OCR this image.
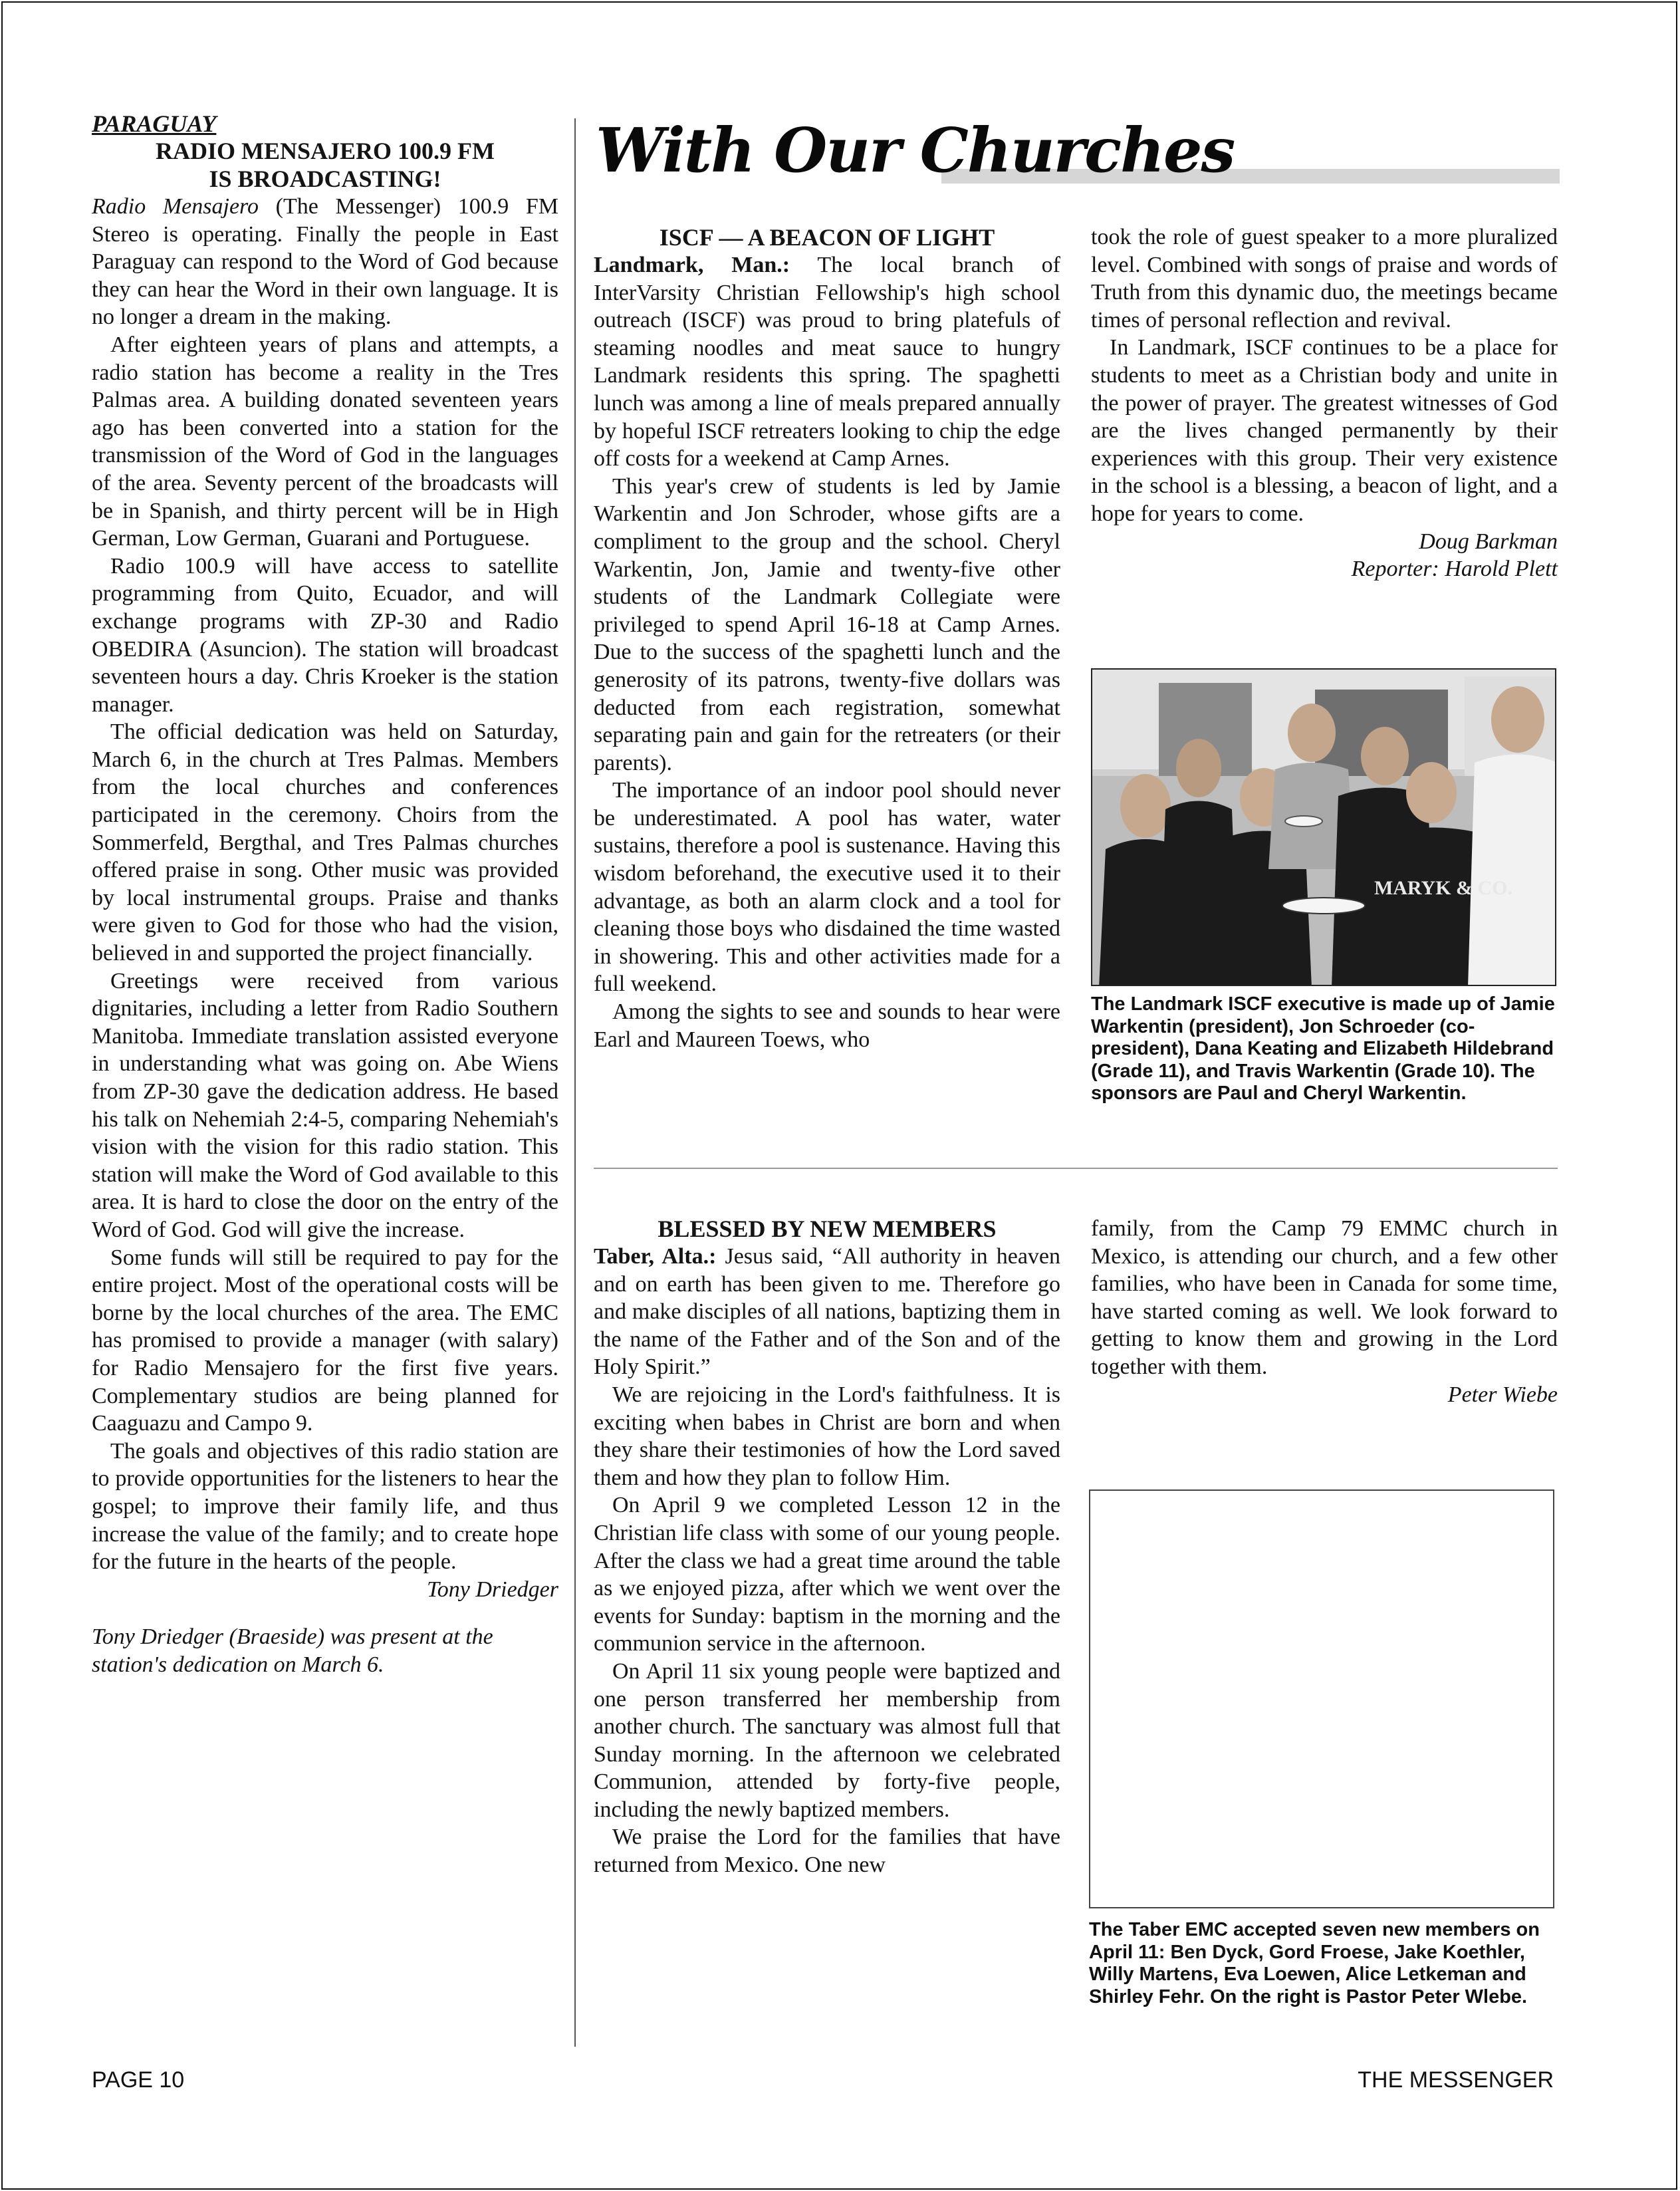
PARAGUAY
RADIO MENSAJERO 100.9 FM
IS BROADCASTING!

Radio Mensajero (The Messenger) 100.9 FM Stereo is operating. Finally the people in East Paraguay can respond to the Word of God because they can hear the Word in their own language. It is no longer a dream in the making.

After eighteen years of plans and attempts, a radio station has become a reality in the Tres Palmas area. A building donated seventeen years ago has been converted into a station for the transmission of the Word of God in the languages of the area. Seventy percent of the broadcasts will be in Spanish, and thirty percent will be in High German, Low German, Guarani and Portuguese.

Radio 100.9 will have access to satellite programming from Quito, Ecuador, and will exchange programs with ZP-30 and Radio OBEDIRA (Asuncion). The station will broadcast seventeen hours a day. Chris Kroeker is the station manager.

The official dedication was held on Saturday, March 6, in the church at Tres Palmas. Members from the local churches and conferences participated in the ceremony. Choirs from the Sommerfeld, Bergthal, and Tres Palmas churches offered praise in song. Other music was provided by local instrumental groups. Praise and thanks were given to God for those who had the vision, believed in and supported the project financially.

Greetings were received from various dignitaries, including a letter from Radio Southern Manitoba. Immediate translation assisted everyone in understanding what was going on. Abe Wiens from ZP-30 gave the dedication address. He based his talk on Nehemiah 2:4-5, comparing Nehemiah's vision with the vision for this radio station. This station will make the Word of God available to this area. It is hard to close the door on the entry of the Word of God. God will give the increase.

Some funds will still be required to pay for the entire project. Most of the operational costs will be borne by the local churches of the area. The EMC has promised to provide a manager (with salary) for Radio Mensajero for the first five years. Complementary studios are being planned for Caaguazu and Campo 9.

The goals and objectives of this radio station are to provide opportunities for the listeners to hear the gospel; to improve their family life, and thus increase the value of the family; and to create hope for the future in the hearts of the people.

Tony Driedger

Tony Driedger (Braeside) was present at the station's dedication on March 6.

With Our Churches
ISCF — A BEACON OF LIGHT

Landmark, Man.: The local branch of InterVarsity Christian Fellowship's high school outreach (ISCF) was proud to bring platefuls of steaming noodles and meat sauce to hungry Landmark residents this spring. The spaghetti lunch was among a line of meals prepared annually by hopeful ISCF retreaters looking to chip the edge off costs for a weekend at Camp Arnes.

This year's crew of students is led by Jamie Warkentin and Jon Schroder, whose gifts are a compliment to the group and the school. Cheryl Warkentin, Jon, Jamie and twenty-five other students of the Landmark Collegiate were privileged to spend April 16-18 at Camp Arnes. Due to the success of the spaghetti lunch and the generosity of its patrons, twenty-five dollars was deducted from each registration, somewhat separating pain and gain for the retreaters (or their parents).

The importance of an indoor pool should never be underestimated. A pool has water, water sustains, therefore a pool is sustenance. Having this wisdom beforehand, the executive used it to their advantage, as both an alarm clock and a tool for cleaning those boys who disdained the time wasted in showering. This and other activities made for a full weekend.

Among the sights to see and sounds to hear were Earl and Maureen Toews, who

took the role of guest speaker to a more pluralized level. Combined with songs of praise and words of Truth from this dynamic duo, the meetings became times of personal reflection and revival.

In Landmark, ISCF continues to be a place for students to meet as a Christian body and unite in the power of prayer. The greatest witnesses of God are the lives changed permanently by their experiences with this group. Their very existence in the school is a blessing, a beacon of light, and a hope for years to come.

Doug Barkman

Reporter: Harold Plett

MARYK & CO.
The Landmark ISCF executive is made up of Jamie Warkentin (president), Jon Schroeder (co-president), Dana Keating and Elizabeth Hildebrand (Grade 11), and Travis Warkentin (Grade 10). The sponsors are Paul and Cheryl Warkentin.
BLESSED BY NEW MEMBERS

Taber, Alta.: Jesus said, “All authority in heaven and on earth has been given to me. Therefore go and make disciples of all nations, baptizing them in the name of the Father and of the Son and of the Holy Spirit.”

We are rejoicing in the Lord's faithfulness. It is exciting when babes in Christ are born and when they share their testimonies of how the Lord saved them and how they plan to follow Him.

On April 9 we completed Lesson 12 in the Christian life class with some of our young people. After the class we had a great time around the table as we enjoyed pizza, after which we went over the events for Sunday: baptism in the morning and the communion service in the afternoon.

On April 11 six young people were baptized and one person transferred her membership from another church. The sanctuary was almost full that Sunday morning. In the afternoon we celebrated Communion, attended by forty-five people, including the newly baptized members.

We praise the Lord for the families that have returned from Mexico. One new

family, from the Camp 79 EMMC church in Mexico, is attending our church, and a few other families, who have been in Canada for some time, have started coming as well. We look forward to getting to know them and growing in the Lord together with them.

Peter Wiebe

The Taber EMC accepted seven new members on April 11: Ben Dyck, Gord Froese, Jake Koethler, Willy Martens, Eva Loewen, Alice Letkeman and Shirley Fehr. On the right is Pastor Peter Wlebe.
PAGE 10	THE MESSENGER
